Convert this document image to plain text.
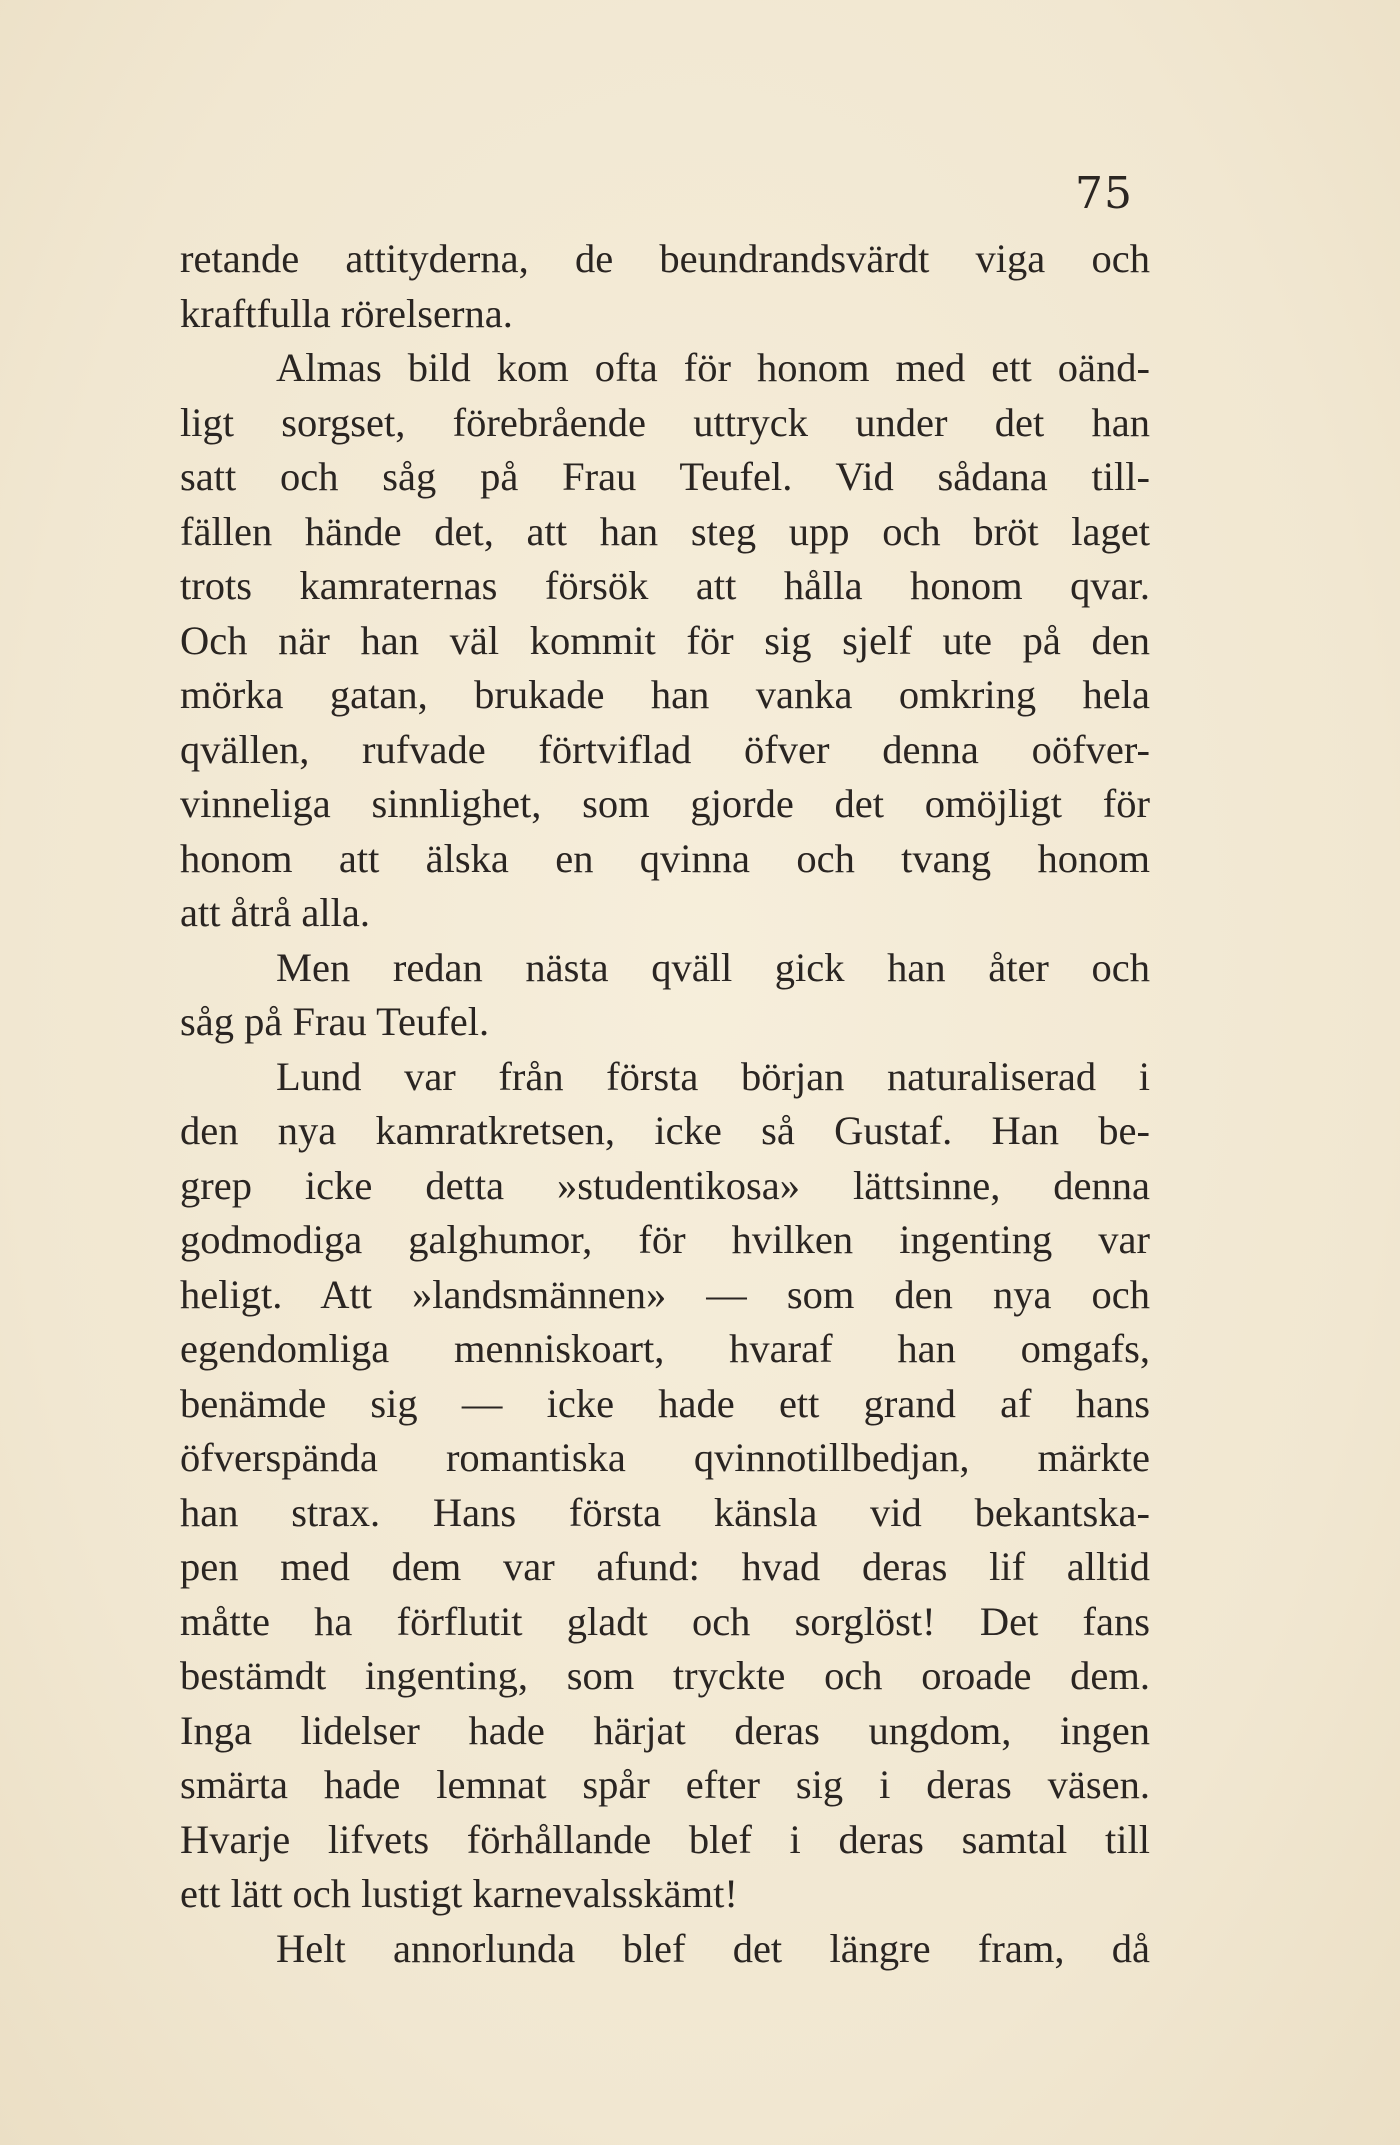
75
retande attityderna, de beundrandsvärdt viga och
kraftfulla rörelserna.
Almas bild kom ofta för honom med ett oänd-
ligt sorgset, förebrående uttryck under det han
satt och såg på Frau Teufel. Vid sådana till-
fällen hände det, att han steg upp och bröt laget
trots kamraternas försök att hålla honom qvar.
Och när han väl kommit för sig sjelf ute på den
mörka gatan, brukade han vanka omkring hela
qvällen, rufvade förtviflad öfver denna oöfver-
vinneliga sinnlighet, som gjorde det omöjligt för
honom att älska en qvinna och tvang honom
att åtrå alla.
Men redan nästa qväll gick han åter och
såg på Frau Teufel.
Lund var från första början naturaliserad i
den nya kamratkretsen, icke så Gustaf. Han be-
grep icke detta »studentikosa» lättsinne, denna
godmodiga galghumor, för hvilken ingenting var
heligt. Att »landsmännen» — som den nya och
egendomliga menniskoart, hvaraf han omgafs,
benämde sig — icke hade ett grand af hans
öfverspända romantiska qvinnotillbedjan, märkte
han strax. Hans första känsla vid bekantska-
pen med dem var afund: hvad deras lif alltid
måtte ha förflutit gladt och sorglöst! Det fans
bestämdt ingenting, som tryckte och oroade dem.
Inga lidelser hade härjat deras ungdom, ingen
smärta hade lemnat spår efter sig i deras väsen.
Hvarje lifvets förhållande blef i deras samtal till
ett lätt och lustigt karnevalsskämt!
Helt annorlunda blef det längre fram, då
